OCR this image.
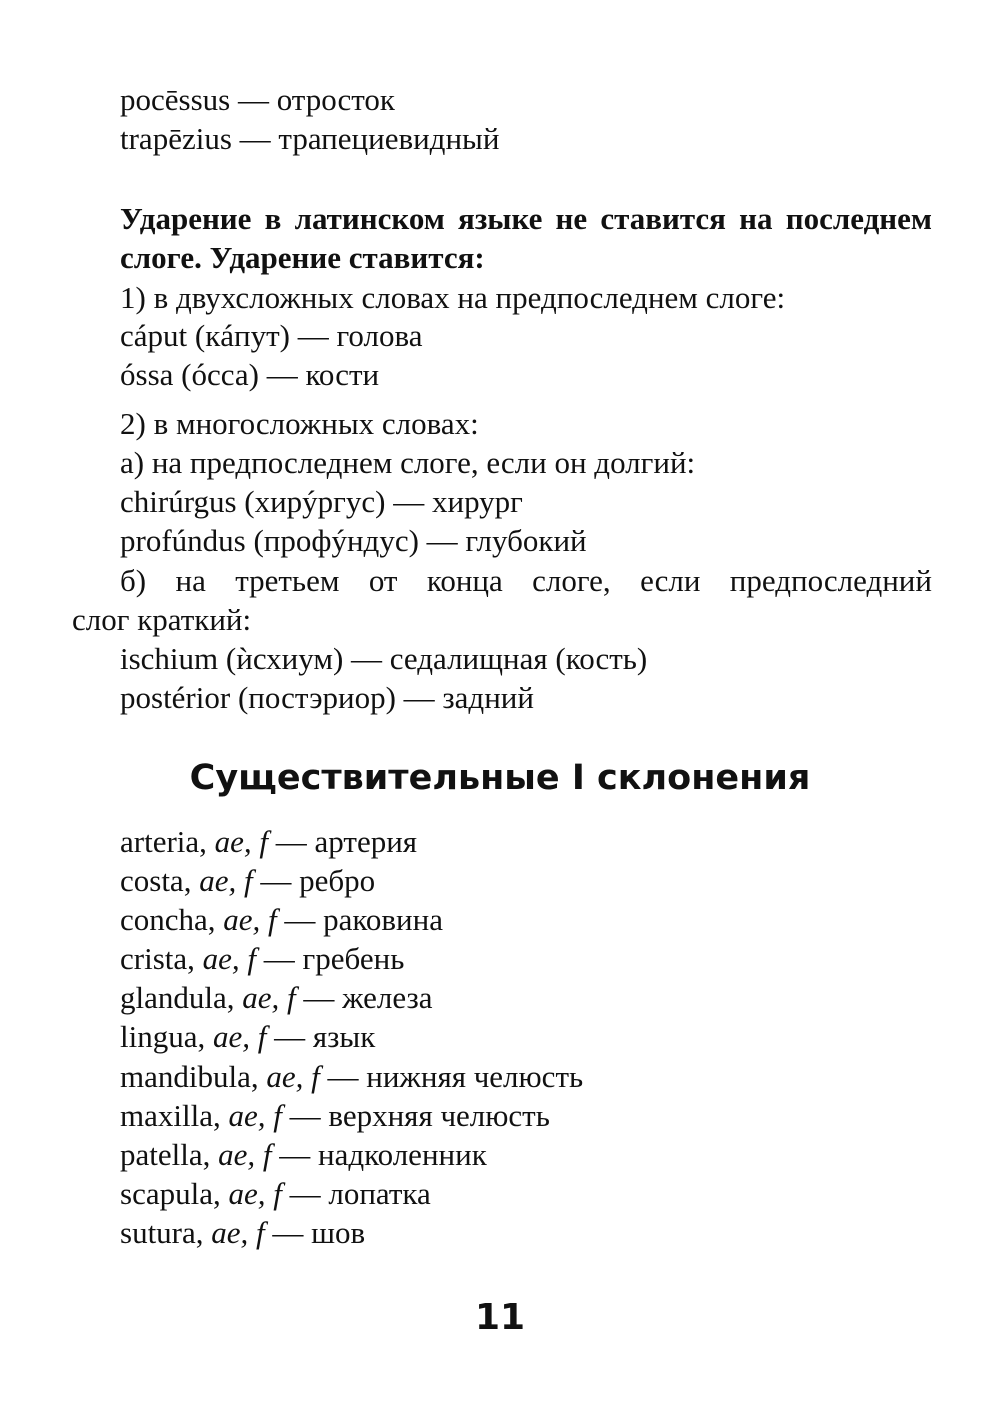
pocēssus — отросток
trapēzius — трапециевидный
Ударение в латинском языке не ставится на последнем
слоге. Ударение ставится:
1) в двухсложных словах на предпоследнем слоге:
cáput (кáпут) — голова
óssa (óсса) — кости
2) в многосложных словах:
а) на предпоследнем слоге, если он долгий:
chirúrgus (хирýргус) — хирург
profúndus (профýндус) — глубокий
б) на третьем от конца слоге, если предпоследний
слог краткий:
ischium (ѝсхиум) — седалищная (кость)
postérior (постэриор) — задний
Существительные I склонения
arteria, ae, f — артерия
costa, ae, f — ребро
concha, ae, f — раковина
crista, ae, f — гребень
glandula, ae, f — железа
lingua, ae, f — язык
mandibula, ae, f — нижняя челюсть
maxilla, ae, f — верхняя челюсть
patella, ae, f — надколенник
scapula, ae, f — лопатка
sutura, ae, f — шов
11
